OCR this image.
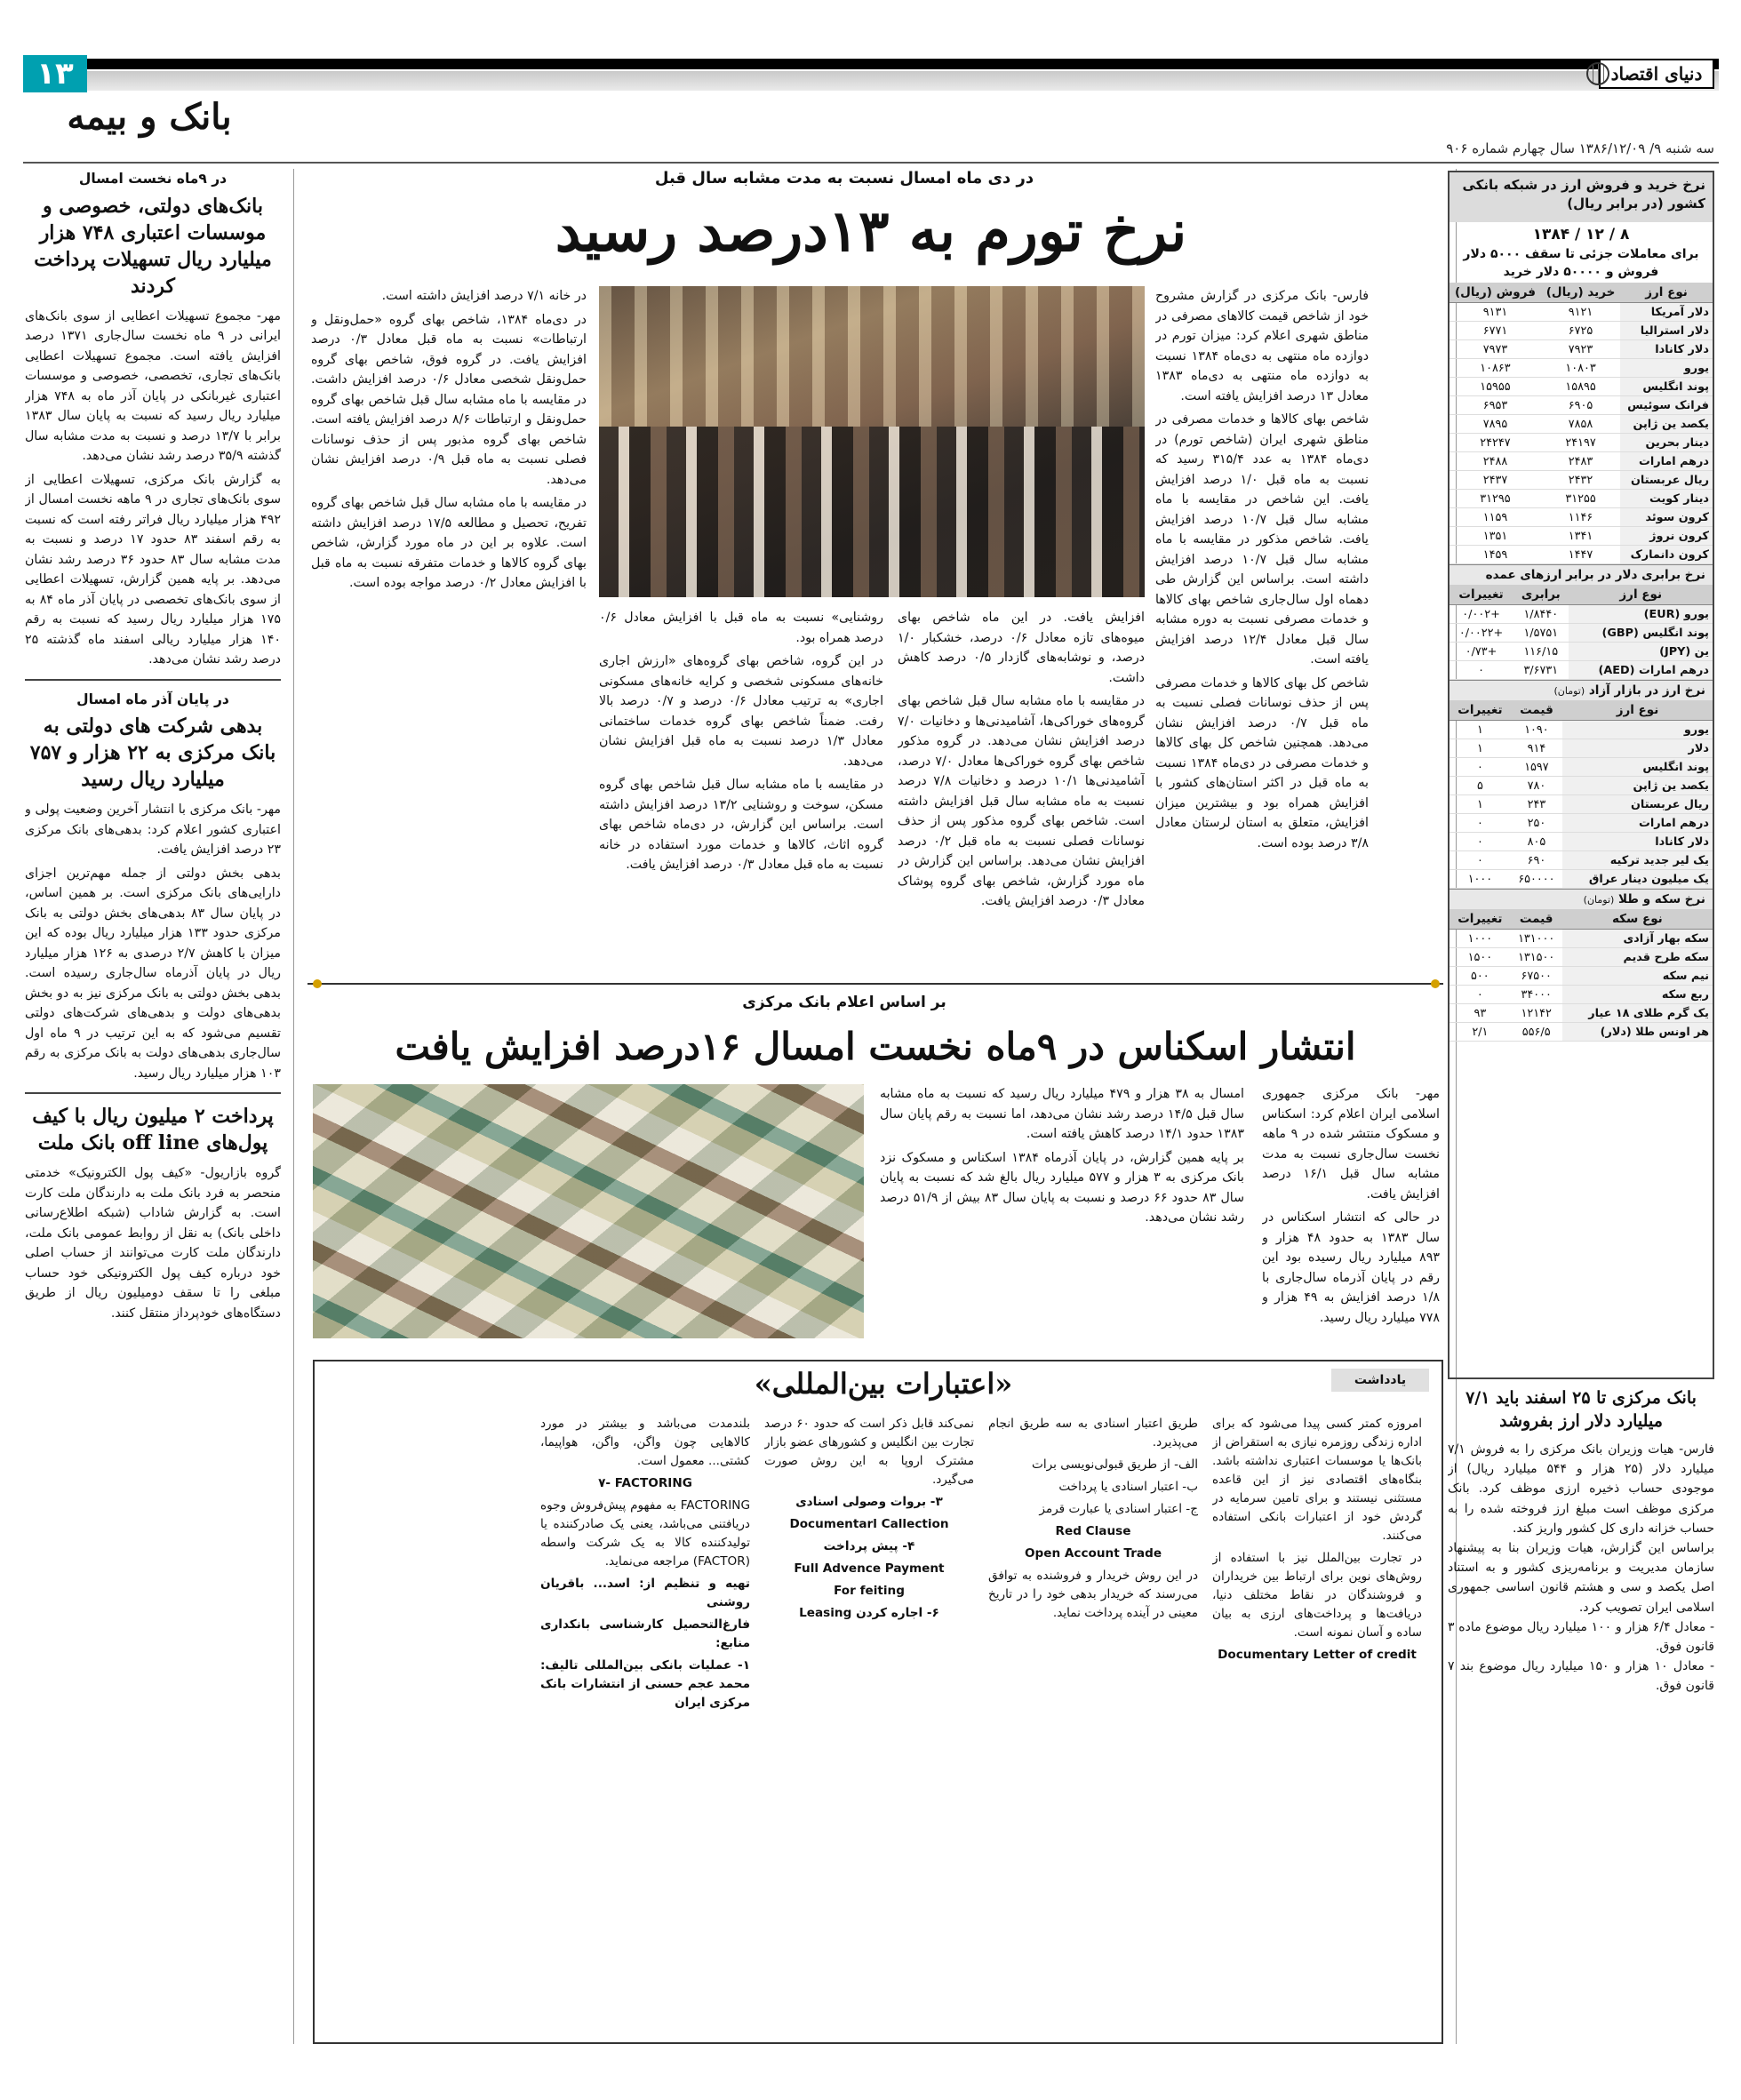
۱۳
بانک و بیمه
دنیای اقتصاد
سه شنبه ۹/ ۱۳۸۶/۱۲/۰۹ سال چهارم شماره ۹۰۶
در ۹ماه نخست امسال
بانک‌های دولتی، خصوصی و موسسات اعتباری ۷۴۸ هزار میلیارد ریال تسهیلات پرداخت کردند

مهر- مجموع تسهیلات اعطایی از سوی بانک‌های ایرانی در ۹ ماه نخست سال‌جاری ۱۳۷۱ درصد افزایش یافته است. مجموع تسهیلات اعطایی بانک‌های تجاری، تخصصی، خصوصی و موسسات اعتباری غیربانکی در پایان آذر ماه به ۷۴۸ هزار میلیارد ریال رسید که نسبت به پایان سال ۱۳۸۳ برابر با ۱۳/۷ درصد و نسبت به مدت مشابه سال گذشته ۳۵/۹ درصد رشد نشان می‌دهد.

به گزارش بانک مرکزی، تسهیلات اعطایی از سوی بانک‌های تجاری در ۹ ماهه نخست امسال از ۴۹۲ هزار میلیارد ریال فراتر رفته است که نسبت به رقم اسفند ۸۳ حدود ۱۷ درصد و نسبت به مدت مشابه سال ۸۳ حدود ۳۶ درصد رشد نشان می‌دهد. بر پایه همین گزارش، تسهیلات اعطایی از سوی بانک‌های تخصصی در پایان آذر ماه ۸۴ به ۱۷۵ هزار میلیارد ریال رسید که نسبت به رقم ۱۴۰ هزار میلیارد ریالی اسفند ماه گذشته ۲۵ درصد رشد نشان می‌دهد.

در پایان آذر ماه امسال
بدهی شرکت های دولتی به بانک مرکزی به ۲۲ هزار و ۷۵۷ میلیارد ریال رسید

مهر- بانک مرکزی با انتشار آخرین وضعیت پولی و اعتباری کشور اعلام کرد: بدهی‌های بانک مرکزی ۲۳ درصد افزایش یافت.

بدهی بخش دولتی از جمله مهم‌ترین اجزای دارایی‌های بانک مرکزی است. بر همین اساس، در پایان سال ۸۳ بدهی‌های بخش دولتی به بانک مرکزی حدود ۱۳۳ هزار میلیارد ریال بوده که این میزان با کاهش ۲/۷ درصدی به ۱۲۶ هزار میلیارد ریال در پایان آذرماه سال‌جاری رسیده است. بدهی بخش دولتی به بانک مرکزی نیز به دو بخش بدهی‌های دولت و بدهی‌های شرکت‌های دولتی تقسیم می‌شود که به این ترتیب در ۹ ماه اول سال‌جاری بدهی‌های دولت به بانک مرکزی به رقم ۱۰۳ هزار میلیارد ریال رسید.

پرداخت ۲ میلیون ریال با کیف پول‌های off line بانک ملت

گروه بازاریول- «کیف پول الکترونیک» خدمتی منحصر به فرد بانک ملت به دارندگان ملت کارت است. به گزارش شاداب (شبکه اطلاع‌رسانی داخلی بانک) به نقل از روابط عمومی بانک ملت، دارندگان ملت کارت می‌توانند از حساب اصلی خود درباره کیف پول الکترونیکی خود حساب مبلغی را تا سقف دومیلیون ریال از طریق دستگاه‌های خودپرداز منتقل کنند.

در دی ماه امسال نسبت به مدت مشابه سال قبل
نرخ تورم به ۱۳درصد رسید

فارس- بانک مرکزی در گزارش مشروح خود از شاخص قیمت کالاهای مصرفی در مناطق شهری اعلام کرد: میزان تورم در دوازده ماه منتهی به دی‌ماه ۱۳۸۴ نسبت به دوازده ماه منتهی به دی‌ماه ۱۳۸۳ معادل ۱۳ درصد افزایش یافته است.

شاخص بهای کالاها و خدمات مصرفی در مناطق شهری ایران (شاخص تورم) در دی‌ماه ۱۳۸۴ به عدد ۳۱۵/۴ رسید که نسبت به ماه قبل ۱/۰ درصد افزایش یافت. این شاخص در مقایسه با ماه مشابه سال قبل ۱۰/۷ درصد افزایش یافت. شاخص مذکور در مقایسه با ماه مشابه سال قبل ۱۰/۷ درصد افزایش داشته است. براساس این گزارش طی دهماه اول سال‌جاری شاخص بهای کالاها و خدمات مصرفی نسبت به دوره مشابه سال قبل معادل ۱۲/۴ درصد افزایش یافته است.

شاخص کل بهای کالاها و خدمات مصرفی پس از حذف نوسانات فصلی نسبت به ماه قبل ۰/۷ درصد افزایش نشان می‌دهد. همچنین شاخص کل بهای کالاها و خدمات مصرفی در دی‌ماه ۱۳۸۴ نسبت به ماه قبل در اکثر استان‌های کشور با افزایش همراه بود و بیشترین میزان افزایش، متعلق به استان لرستان معادل ۳/۸ درصد بوده است.

افزایش یافت. در این ماه شاخص بهای میوه‌های تازه معادل ۰/۶ درصد، خشکبار ۱/۰ درصد، و نوشابه‌های گازدار ۰/۵ درصد کاهش داشت.

در مقایسه با ماه مشابه سال قبل شاخص بهای گروه‌های خوراکی‌ها، آشامیدنی‌ها و دخانیات ۷/۰ درصد افزایش نشان می‌دهد. در گروه مذکور شاخص بهای گروه خوراکی‌ها معادل ۷/۰ درصد، آشامیدنی‌ها ۱۰/۱ درصد و دخانیات ۷/۸ درصد نسبت به ماه مشابه سال قبل افزایش داشته است. شاخص بهای گروه مذکور پس از حذف نوسانات فصلی نسبت به ماه قبل ۰/۲ درصد افزایش نشان می‌دهد. براساس این گزارش در ماه مورد گزارش، شاخص بهای گروه پوشاک معادل ۰/۳ درصد افزایش یافت.

روشنایی» نسبت به ماه قبل با افزایش معادل ۰/۶ درصد همراه بود.

در این گروه، شاخص بهای گروه‌های «ارزش اجاری خانه‌های مسکونی شخصی و کرایه خانه‌های مسکونی اجاری» به ترتیب معادل ۰/۶ درصد و ۰/۷ درصد بالا رفت. ضمناً شاخص بهای گروه خدمات ساختمانی معادل ۱/۳ درصد نسبت به ماه قبل افزایش نشان می‌دهد.

در مقایسه با ماه مشابه سال قبل شاخص بهای گروه مسکن، سوخت و روشنایی ۱۳/۲ درصد افزایش داشته است. براساس این گزارش، در دی‌ماه شاخص بهای گروه اثاث، کالاها و خدمات مورد استفاده در خانه نسبت به ماه قبل معادل ۰/۳ درصد افزایش یافت.

در خانه ۷/۱ درصد افزایش داشته است.

در دی‌ماه ۱۳۸۴، شاخص بهای گروه «حمل‌ونقل و ارتباطات» نسبت به ماه قبل معادل ۰/۳ درصد افزایش یافت. در گروه فوق، شاخص بهای گروه حمل‌ونقل شخصی معادل ۰/۶ درصد افزایش داشت. در مقایسه با ماه مشابه سال قبل شاخص بهای گروه حمل‌ونقل و ارتباطات ۸/۶ درصد افزایش یافته است. شاخص بهای گروه مذبور پس از حذف نوسانات فصلی نسبت به ماه قبل ۰/۹ درصد افزایش نشان می‌دهد.

در مقایسه با ماه مشابه سال قبل شاخص بهای گروه تفریح، تحصیل و مطالعه ۱۷/۵ درصد افزایش داشته است. علاوه بر این در ماه مورد گزارش، شاخص بهای گروه کالاها و خدمات متفرقه نسبت به ماه قبل با افزایش معادل ۰/۲ درصد مواجه بوده است.

بر اساس اعلام بانک مرکزی
انتشار اسکناس در ۹ماه نخست امسال ۱۶درصد افزایش یافت

مهر- بانک مرکزی جمهوری اسلامی ایران اعلام کرد: اسکناس و مسکوک منتشر شده در ۹ ماهه نخست سال‌جاری نسبت به مدت مشابه سال قبل ۱۶/۱ درصد افزایش یافت.

در حالی که انتشار اسکناس در سال ۱۳۸۳ به حدود ۴۸ هزار و ۸۹۳ میلیارد ریال رسیده بود این رقم در پایان آذرماه سال‌جاری با ۱/۸ درصد افزایش به ۴۹ هزار و ۷۷۸ میلیارد ریال رسید.

امسال به ۳۸ هزار و ۴۷۹ میلیارد ریال رسید که نسبت به ماه مشابه سال قبل ۱۴/۵ درصد رشد نشان می‌دهد، اما نسبت به رقم پایان سال ۱۳۸۳ حدود ۱۴/۱ درصد کاهش یافته است.

بر پایه همین گزارش، در پایان آذرماه ۱۳۸۴ اسکناس و مسکوک نزد بانک مرکزی به ۳ هزار و ۵۷۷ میلیارد ریال بالغ شد که نسبت به پایان سال ۸۳ حدود ۶۶ درصد و نسبت به پایان سال ۸۳ بیش از ۵۱/۹ درصد رشد نشان می‌دهد.

یادداشت
«اعتبارات بین‌المللی»

امروزه کمتر کسی پیدا می‌شود که برای اداره زندگی روزمره نیازی به استقراض از بانک‌ها یا موسسات اعتباری نداشته باشد. بنگاه‌های اقتصادی نیز از این قاعده مستثنی نیستند و برای تامین سرمایه در گردش خود از اعتبارات بانکی استفاده می‌کنند.

در تجارت بین‌الملل نیز با استفاده از روش‌های نوین برای ارتباط بین خریداران و فروشندگان در نقاط مختلف دنیا، دریافت‌ها و پرداخت‌های ارزی به بیان ساده و آسان نمونه است.

Documentary Letter of credit

طریق اعتبار اسنادی به سه طریق انجام می‌پذیرد.

الف- از طریق قبولی‌نویسی برات

ب- اعتبار اسنادی یا پرداخت

ج- اعتبار اسنادی یا عبارت قرمز

Red Clause

Open Account Trade

در این روش خریدار و فروشنده به توافق می‌رسند که خریدار بدهی خود را در تاریخ معینی در آینده پرداخت نماید.

نمی‌کند قابل ذکر است که حدود ۶۰ درصد تجارت بین انگلیس و کشورهای عضو بازار مشترک اروپا به این روش صورت می‌گیرد.

۳- بروات وصولی اسنادی

Documentarl Callection

۴- پیش پرداخت

Full Advence Payment

For feiting

۶- اجاره کردن Leasing

بلندمدت می‌باشد و بیشتر در مورد کالاهایی چون واگن، واگن، هواپیما، کشتی... معمول است.

۷- FACTORING

FACTORING به مفهوم پیش‌فروش وجوه دریافتنی می‌باشد، یعنی یک صادرکننده یا تولیدکننده کالا به یک شرکت واسطه (FACTOR) مراجعه می‌نماید.

تهیه و تنظیم از: اسد... باقریان روشنی

فارغ‌التحصیل کارشناسی بانکداری منابع:

۱- عملیات بانکی بین‌المللی تالیف: محمد عجم حسنی از انتشارات بانک مرکزی ایران

نرخ خرید و فروش ارز در شبکه بانکی کشور (در برابر ریال)
۸ / ۱۲ / ۱۳۸۴
برای معاملات جزئی تا سقف ۵۰۰۰ دلار فروش و ۵۰۰۰۰ دلار خرید
نوع ارز	خرید (ریال)	فروش (ریال)
دلار آمریکا	۹۱۲۱	۹۱۳۱
دلار استرالیا	۶۷۲۵	۶۷۷۱
دلار کانادا	۷۹۲۳	۷۹۷۳
یورو	۱۰۸۰۳	۱۰۸۶۳
پوند انگلیس	۱۵۸۹۵	۱۵۹۵۵
فرانک سوئیس	۶۹۰۵	۶۹۵۳
یکصد ین ژاپن	۷۸۵۸	۷۸۹۵
دینار بحرین	۲۴۱۹۷	۲۴۲۴۷
درهم امارات	۲۴۸۳	۲۴۸۸
ریال عربستان	۲۴۳۲	۲۴۳۷
دینار کویت	۳۱۲۵۵	۳۱۲۹۵
کرون سوئد	۱۱۴۶	۱۱۵۹
کرون نروژ	۱۳۴۱	۱۳۵۱
کرون دانمارک	۱۴۴۷	۱۴۵۹
نرخ برابری دلار در برابر ارزهای عمده
نوع ارز	برابری	تغییرات
یورو (EUR)	۱/۸۴۴۰	+۰/۰۰۲
پوند انگلیس (GBP)	۱/۵۷۵۱	+۰/۰۰۲۲
ین (JPY)	۱۱۶/۱۵	+۰/۷۳
درهم امارات (AED)	۳/۶۷۳۱	۰
نرخ ارز در بازار آزاد (تومان)
نوع ارز	قیمت	تغییرات
یورو	۱۰۹۰	۱
دلار	۹۱۴	۱
پوند انگلیس	۱۵۹۷	۰
یکصد ین ژاپن	۷۸۰	۵
ریال عربستان	۲۴۳	۱
درهم امارات	۲۵۰	۰
دلار کانادا	۸۰۵	۰
یک لیر جدید ترکیه	۶۹۰	۰
یک میلیون دینار عراق	۶۵۰۰۰۰	۱۰۰۰
نرخ سکه و طلا (تومان)
نوع سکه	قیمت	تغییرات
سکه بهار آزادی	۱۳۱۰۰۰	۱۰۰۰
سکه طرح قدیم	۱۳۱۵۰۰	۱۵۰۰
نیم سکه	۶۷۵۰۰	۵۰۰
ربع سکه	۳۴۰۰۰	۰
یک گرم طلای ۱۸ عیار	۱۲۱۴۲	۹۳
هر اونس طلا (دلار)	۵۵۶/۵	۲/۱
بانک مرکزی تا ۲۵ اسفند باید ۷/۱ میلیارد دلار ارز بفروشد

فارس- هیات وزیران بانک مرکزی را به فروش ۷/۱ میلیارد دلار (۲۵ هزار و ۵۴۴ میلیارد ریال) از موجودی حساب ذخیره ارزی موظف کرد. بانک مرکزی موظف است مبلغ ارز فروخته شده را به حساب خزانه داری کل کشور واریز کند.

براساس این گزارش، هیات وزیران بنا به پیشنهاد سازمان مدیریت و برنامه‌ریزی کشور و به استناد اصل یکصد و سی و هشتم قانون اساسی جمهوری اسلامی ایران تصویب کرد.

- معادل ۶/۴ هزار و ۱۰۰ میلیارد ریال موضوع ماده ۳ قانون فوق.

- معادل ۱۰ هزار و ۱۵۰ میلیارد ریال موضوع بند ۷ قانون فوق.
